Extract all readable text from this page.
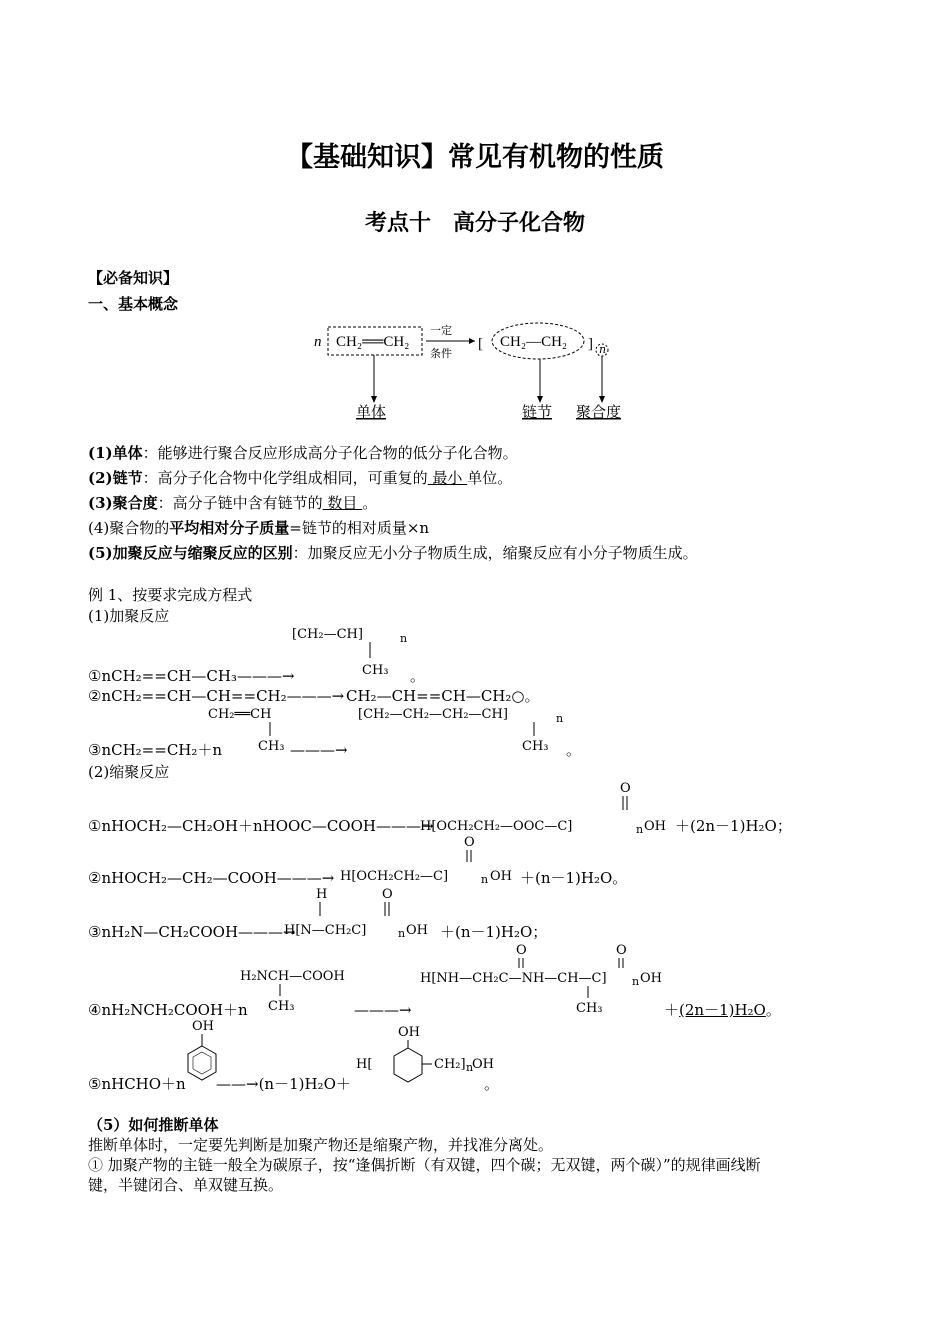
【基础知识】常见有机物的性质
考点十　高分子化合物
【必备知识】
一、基本概念
n CH₂══CH₂
一定
条件
[ CH₂—CH₂ ] n
单体	链节 聚合度
(1)单体：能够进行聚合反应形成高分子化合物的低分子化合物。
(2)链节：高分子化合物中化学组成相同，可重复的 最小 单位。
(3)聚合度：高分子链中含有链节的 数目 。
(4)聚合物的平均相对分子质量=链节的相对质量×n
(5)加聚反应与缩聚反应的区别：加聚反应无小分子物质生成，缩聚反应有小分子物质生成。
例 1、按要求完成方程式
(1)加聚反应
[CH₂—CH]	n
CH₃
①nCH₂==CH—CH₃———→	。
②nCH₂==CH—CH==CH₂———→ CH₂—CH==CH—CH₂○。
CH₂══CH
CH₃
[CH₂—CH₂—CH₂—CH]	n
CH₃
③nCH₂==CH₂＋n	———→	。
(2)缩聚反应
O
H[OCH₂CH₂—OOC—C]	n OH
①nHOCH₂—CH₂OH＋nHOOC—COOH———→	＋(2n－1)H₂O；
O
H[OCH₂CH₂—C]	n OH
②nHOCH₂—CH₂—COOH———→	＋(n－1)H₂O。
H	O
H[N—CH₂C]	n OH
③nH₂N—CH₂COOH———→	＋(n－1)H₂O；
H₂NCH—COOH
CH₃
O	O
H[NH—CH₂C—NH—CH—C] n OH
CH₃
④nH₂NCH₂COOH＋n	———→	＋(2n－1)H₂O。
OH	OH
H[	CH₂] n
OH
⑤nHCHO＋n ——→(n－1)H₂O＋	。
（5）如何推断单体
推断单体时，一定要先判断是加聚产物还是缩聚产物，并找准分离处。
① 加聚产物的主链一般全为碳原子，按“逢偶折断（有双键，四个碳；无双键，两个碳）”的规律画线断
键，半键闭合、单双键互换。
